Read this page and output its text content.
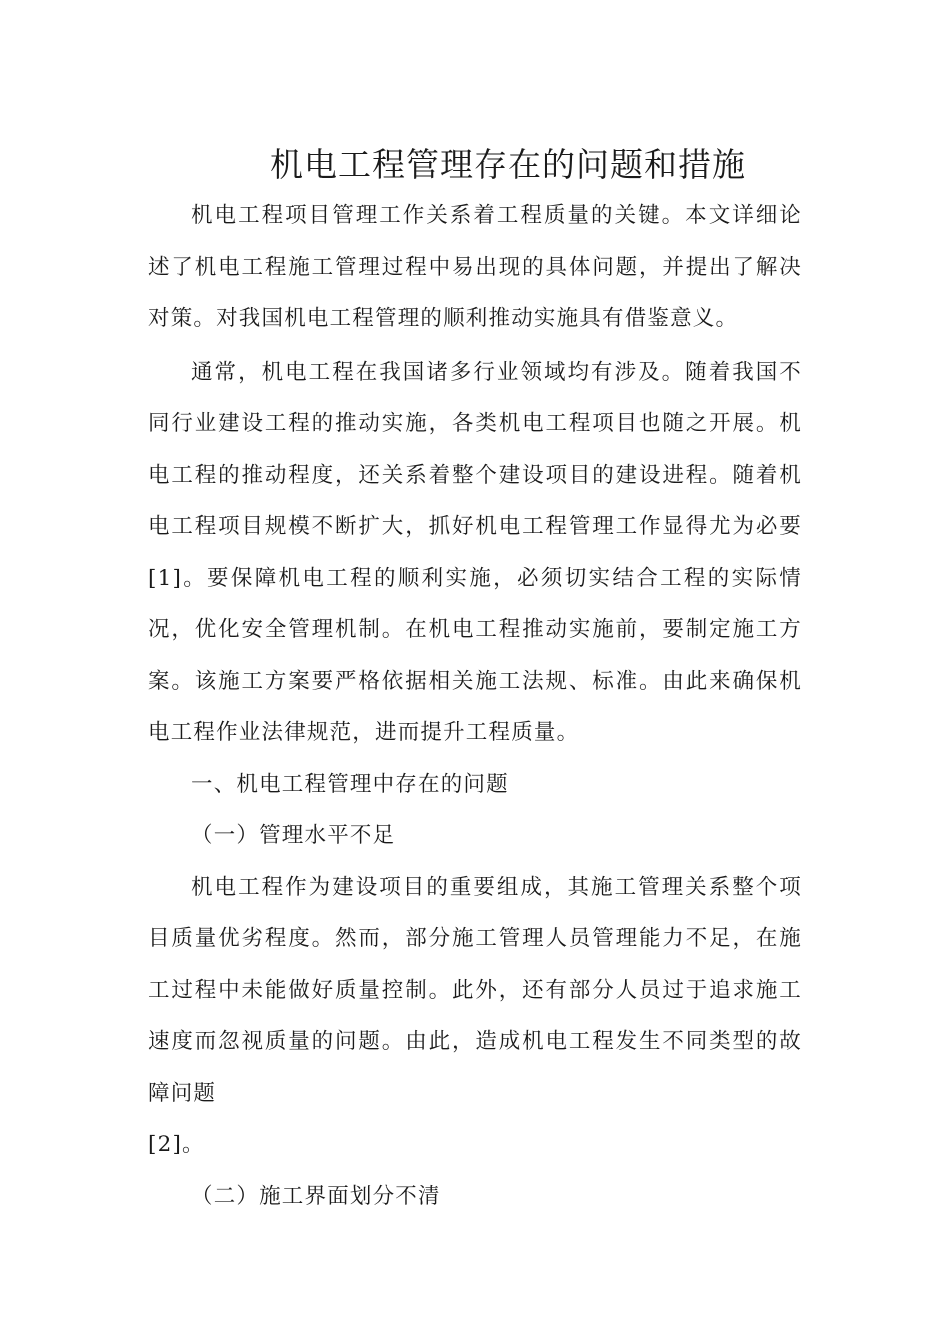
机电工程管理存在的问题和措施

机电工程项目管理工作关系着工程质量的关键。本文详细论述了机电工程施工管理过程中易出现的具体问题，并提出了解决对策。对我国机电工程管理的顺利推动实施具有借鉴意义。

通常，机电工程在我国诸多行业领域均有涉及。随着我国不同行业建设工程的推动实施，各类机电工程项目也随之开展。机电工程的推动程度，还关系着整个建设项目的建设进程。随着机电工程项目规模不断扩大，抓好机电工程管理工作显得尤为必要[1]。要保障机电工程的顺利实施，必须切实结合工程的实际情况，优化安全管理机制。在机电工程推动实施前，要制定施工方案。该施工方案要严格依据相关施工法规、标准。由此来确保机电工程作业法律规范，进而提升工程质量。

一、机电工程管理中存在的问题

（一）管理水平不足

机电工程作为建设项目的重要组成，其施工管理关系整个项目质量优劣程度。然而，部分施工管理人员管理能力不足，在施工过程中未能做好质量控制。此外，还有部分人员过于追求施工速度而忽视质量的问题。由此，造成机电工程发生不同类型的故障问题
[2]。

（二）施工界面划分不清
